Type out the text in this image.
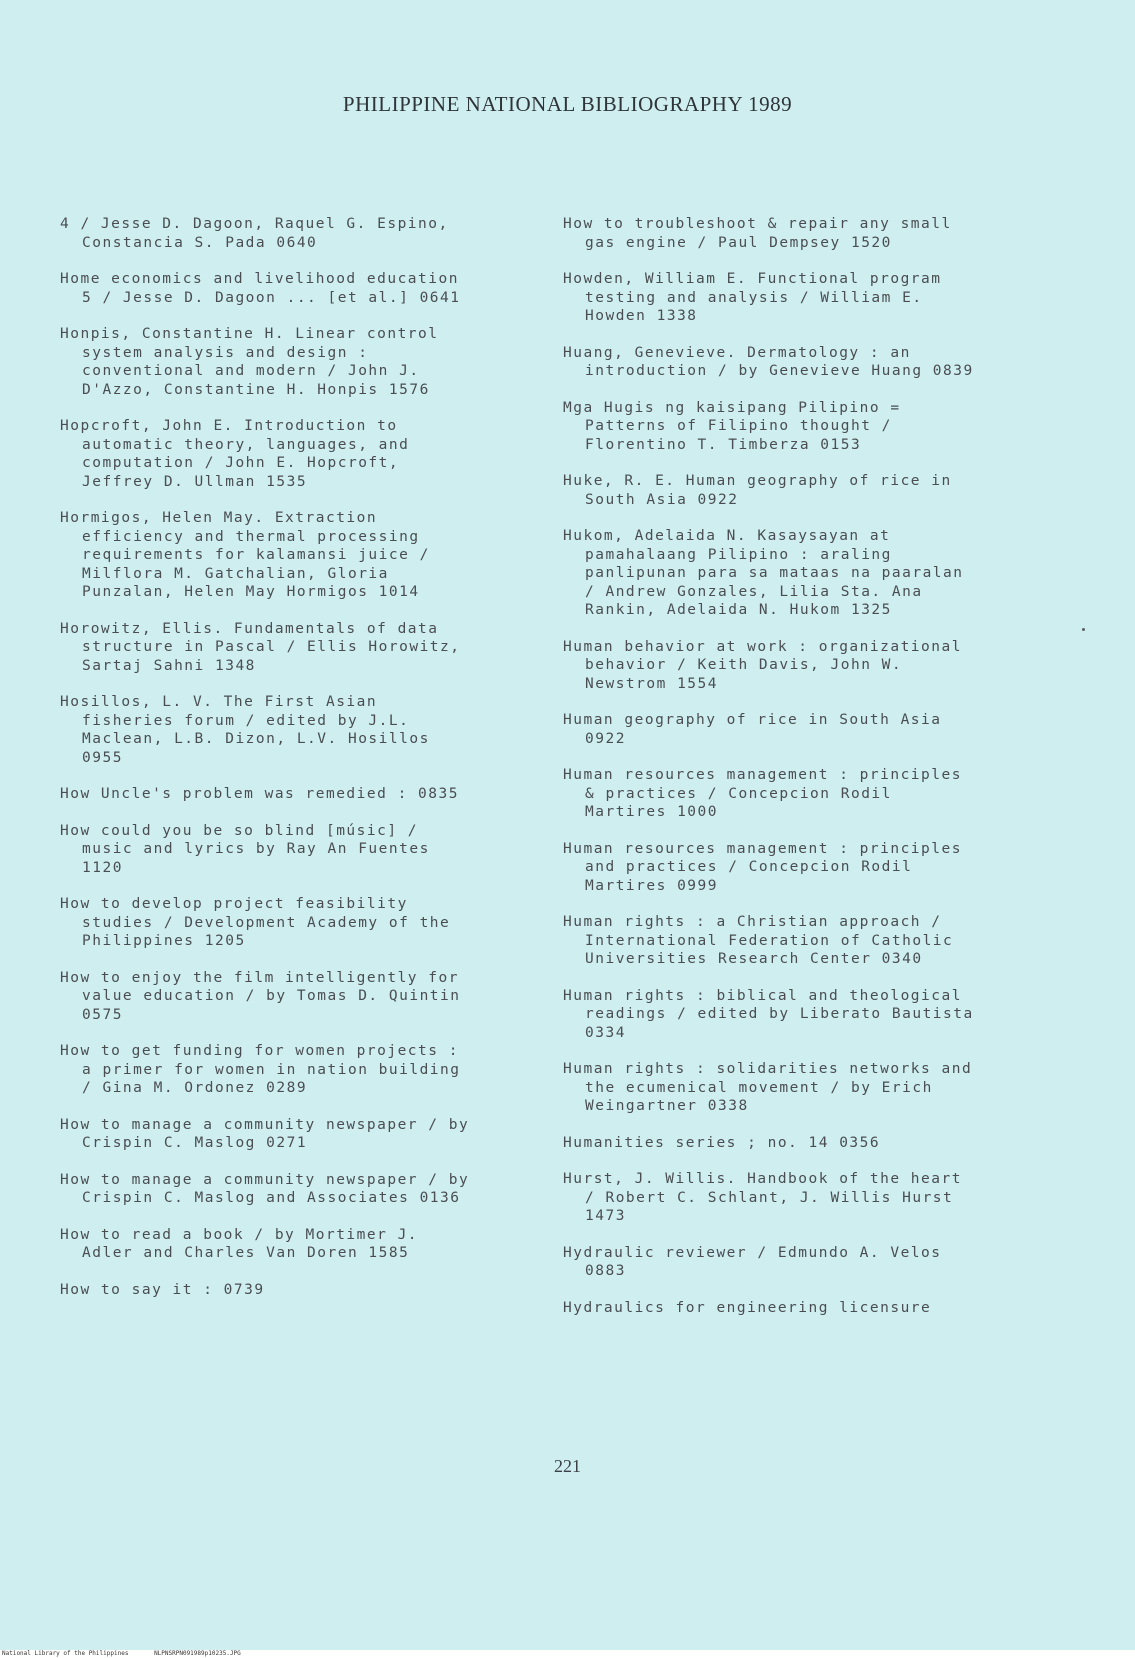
PHILIPPINE NATIONAL BIBLIOGRAPHY 1989
4 / Jesse D. Dagoon, Raquel G. Espino,
Constancia S. Pada 0640
Home economics and livelihood education
5 / Jesse D. Dagoon ... [et al.] 0641
Honpis, Constantine H. Linear control
system analysis and design :
conventional and modern / John J.
D'Azzo, Constantine H. Honpis 1576
Hopcroft, John E. Introduction to
automatic theory, languages, and
computation / John E. Hopcroft,
Jeffrey D. Ullman 1535
Hormigos, Helen May. Extraction
efficiency and thermal processing
requirements for kalamansi juice /
Milflora M. Gatchalian, Gloria
Punzalan, Helen May Hormigos 1014
Horowitz, Ellis. Fundamentals of data
structure in Pascal / Ellis Horowitz,
Sartaj Sahni 1348
Hosillos, L. V. The First Asian
fisheries forum / edited by J.L.
Maclean, L.B. Dizon, L.V. Hosillos
0955
How Uncle's problem was remedied : 0835
How could you be so blind [músic] /
music and lyrics by Ray An Fuentes
1120
How to develop project feasibility
studies / Development Academy of the
Philippines 1205
How to enjoy the film intelligently for
value education / by Tomas D. Quintin
0575
How to get funding for women projects :
a primer for women in nation building
/ Gina M. Ordonez 0289
How to manage a community newspaper / by
Crispin C. Maslog 0271
How to manage a community newspaper / by
Crispin C. Maslog and Associates 0136
How to read a book / by Mortimer J.
Adler and Charles Van Doren 1585
How to say it : 0739
How to troubleshoot & repair any small
gas engine / Paul Dempsey 1520
Howden, William E. Functional program
testing and analysis / William E.
Howden 1338
Huang, Genevieve. Dermatology : an
introduction / by Genevieve Huang 0839
Mga Hugis ng kaisipang Pilipino =
Patterns of Filipino thought /
Florentino T. Timberza 0153
Huke, R. E. Human geography of rice in
South Asia 0922
Hukom, Adelaida N. Kasaysayan at
pamahalaang Pilipino : araling
panlipunan para sa mataas na paaralan
/ Andrew Gonzales, Lilia Sta. Ana
Rankin, Adelaida N. Hukom 1325
Human behavior at work : organizational
behavior / Keith Davis, John W.
Newstrom 1554
Human geography of rice in South Asia
0922
Human resources management : principles
& practices / Concepcion Rodil
Martires 1000
Human resources management : principles
and practices / Concepcion Rodil
Martires 0999
Human rights : a Christian approach /
International Federation of Catholic
Universities Research Center 0340
Human rights : biblical and theological
readings / edited by Liberato Bautista
0334
Human rights : solidarities networks and
the ecumenical movement / by Erich
Weingartner 0338
Humanities series ; no. 14 0356
Hurst, J. Willis. Handbook of the heart
/ Robert C. Schlant, J. Willis Hurst
1473
Hydraulic reviewer / Edmundo A. Velos
0883
Hydraulics for engineering licensure
221
National Library of the Philippines	NLPNSRPN091989p10235.JPG
